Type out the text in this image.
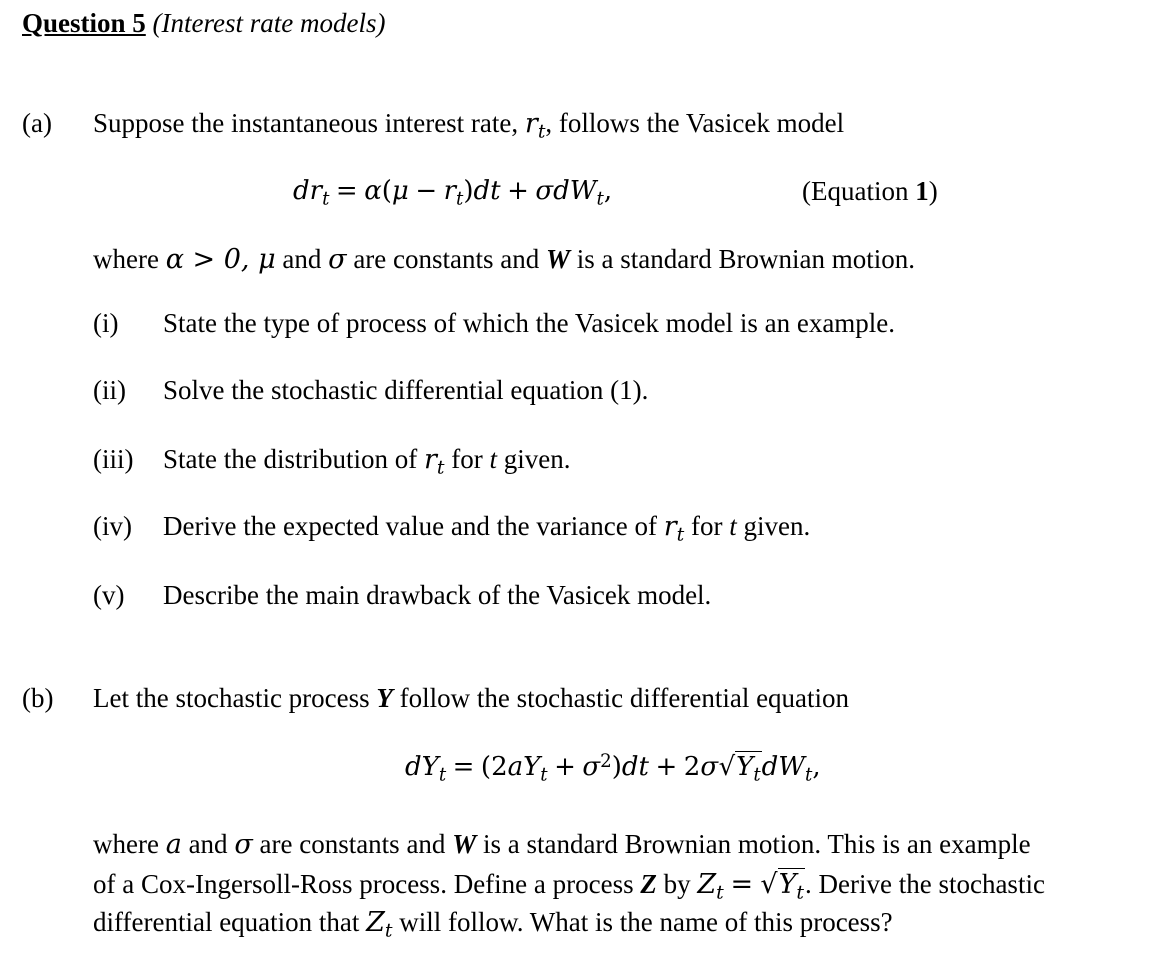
Question 5 (Interest rate models)
(a) Suppose the instantaneous interest rate, $r_t$, follows the Vasicek model
$dr_t = \alpha(\mu - r_t)dt + \sigma dW_t$,	(Equation 1)
where α > 0, μ and σ are constants and W is a standard Brownian motion.
(i) State the type of process of which the Vasicek model is an example.
(ii) Solve the stochastic differential equation (1).
(iii) State the distribution of $r_t$ for t given.
(iv) Derive the expected value and the variance of $r_t$ for t given.
(v) Describe the main drawback of the Vasicek model.
(b) Let the stochastic process Y follow the stochastic differential equation
$dY_t = (2aY_t + \sigma^2)dt + 2\sigma√Y_tdW_t$,
where a and σ are constants and W is a standard Brownian motion. This is an example
of a Cox-Ingersoll-Ross process. Define a process Z by $Z_t = √Y_t$. Derive the stochastic
differential equation that $Z_t$ will follow. What is the name of this process?
